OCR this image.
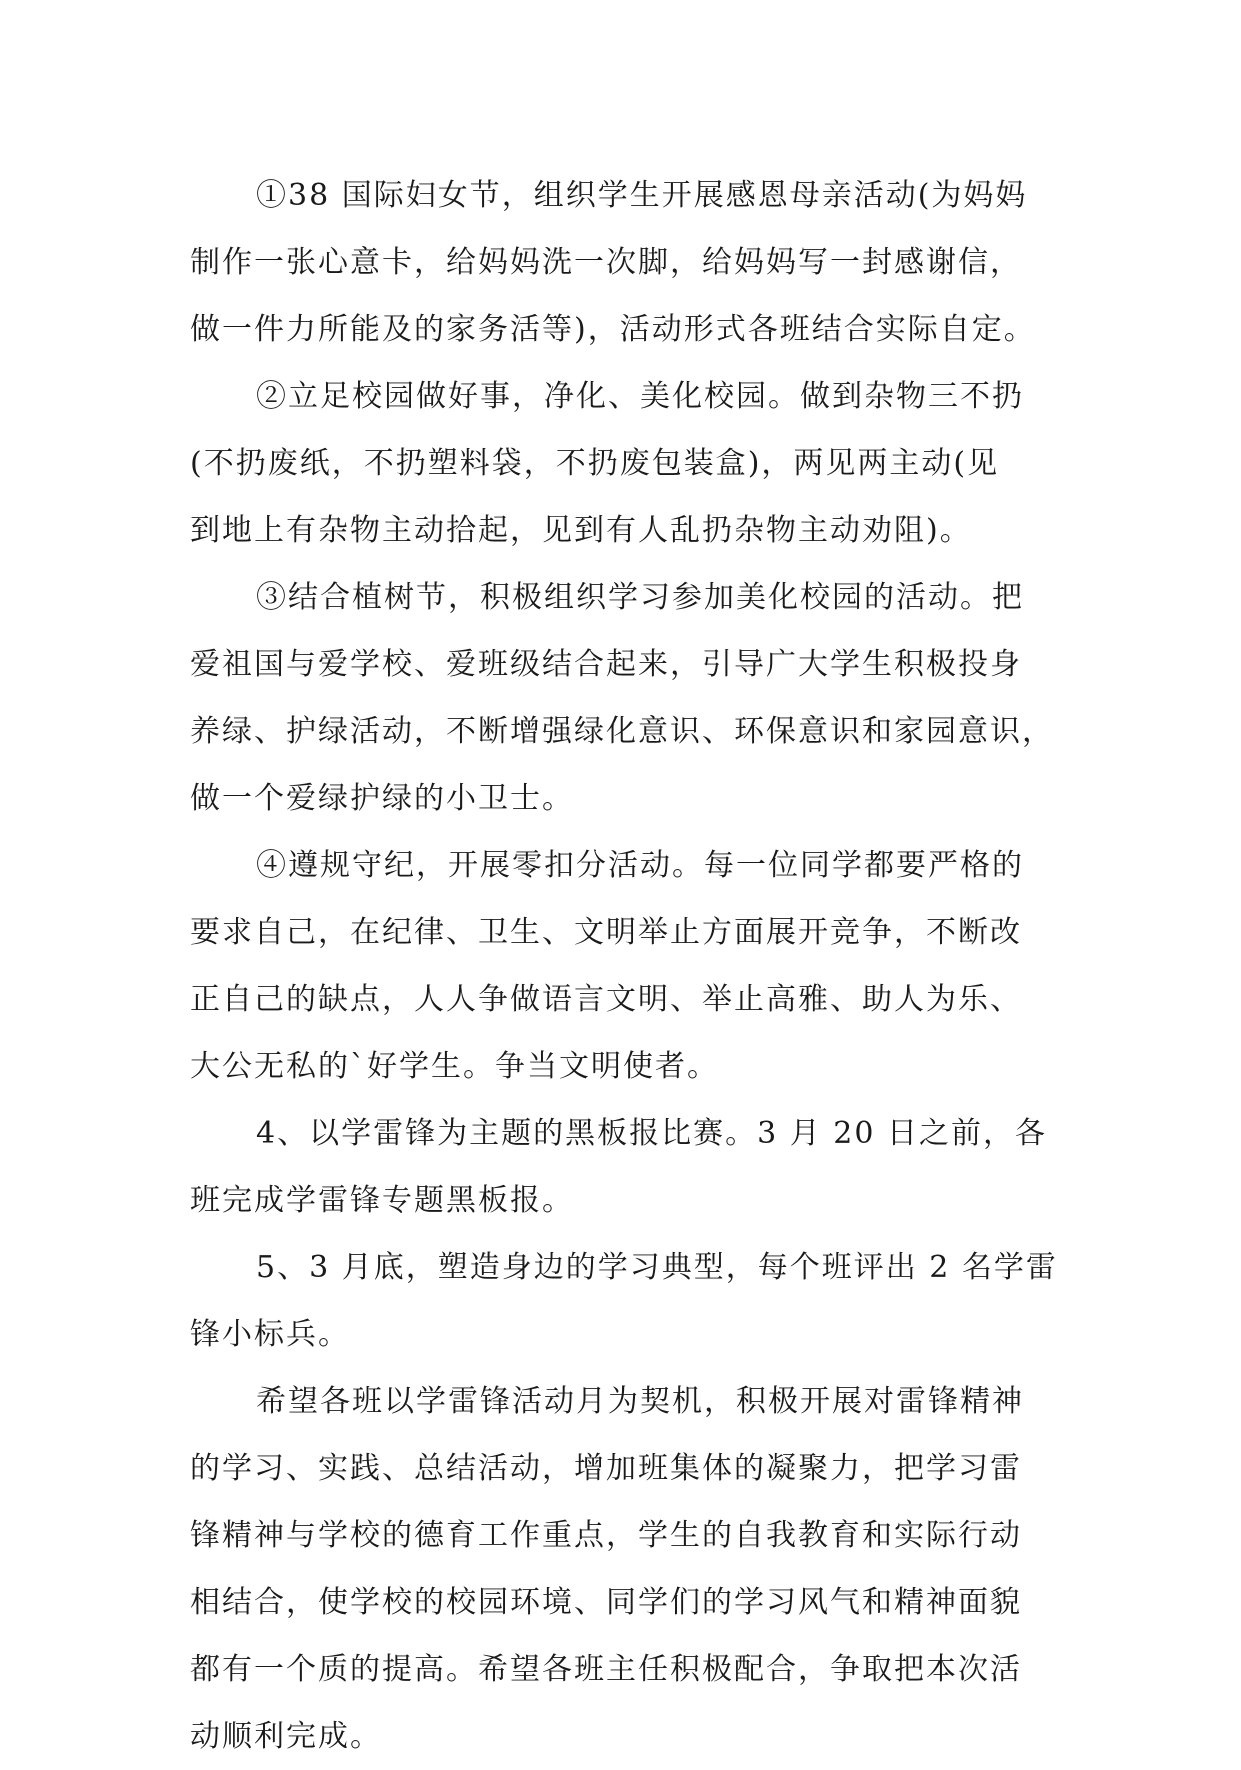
①38 国际妇女节，组织学生开展感恩母亲活动(为妈妈
制作一张心意卡，给妈妈洗一次脚，给妈妈写一封感谢信，
做一件力所能及的家务活等)，活动形式各班结合实际自定。
②立足校园做好事，净化、美化校园。做到杂物三不扔
(不扔废纸，不扔塑料袋，不扔废包装盒)，两见两主动(见
到地上有杂物主动拾起，见到有人乱扔杂物主动劝阻)。
③结合植树节，积极组织学习参加美化校园的活动。把
爱祖国与爱学校、爱班级结合起来，引导广大学生积极投身
养绿、护绿活动，不断增强绿化意识、环保意识和家园意识，
做一个爱绿护绿的小卫士。
④遵规守纪，开展零扣分活动。每一位同学都要严格的
要求自己，在纪律、卫生、文明举止方面展开竞争，不断改
正自己的缺点，人人争做语言文明、举止高雅、助人为乐、
大公无私的`好学生。争当文明使者。
4、以学雷锋为主题的黑板报比赛。3 月 20 日之前，各
班完成学雷锋专题黑板报。
5、3 月底，塑造身边的学习典型，每个班评出 2 名学雷
锋小标兵。
希望各班以学雷锋活动月为契机，积极开展对雷锋精神
的学习、实践、总结活动，增加班集体的凝聚力，把学习雷
锋精神与学校的德育工作重点，学生的自我教育和实际行动
相结合，使学校的校园环境、同学们的学习风气和精神面貌
都有一个质的提高。希望各班主任积极配合，争取把本次活
动顺利完成。
